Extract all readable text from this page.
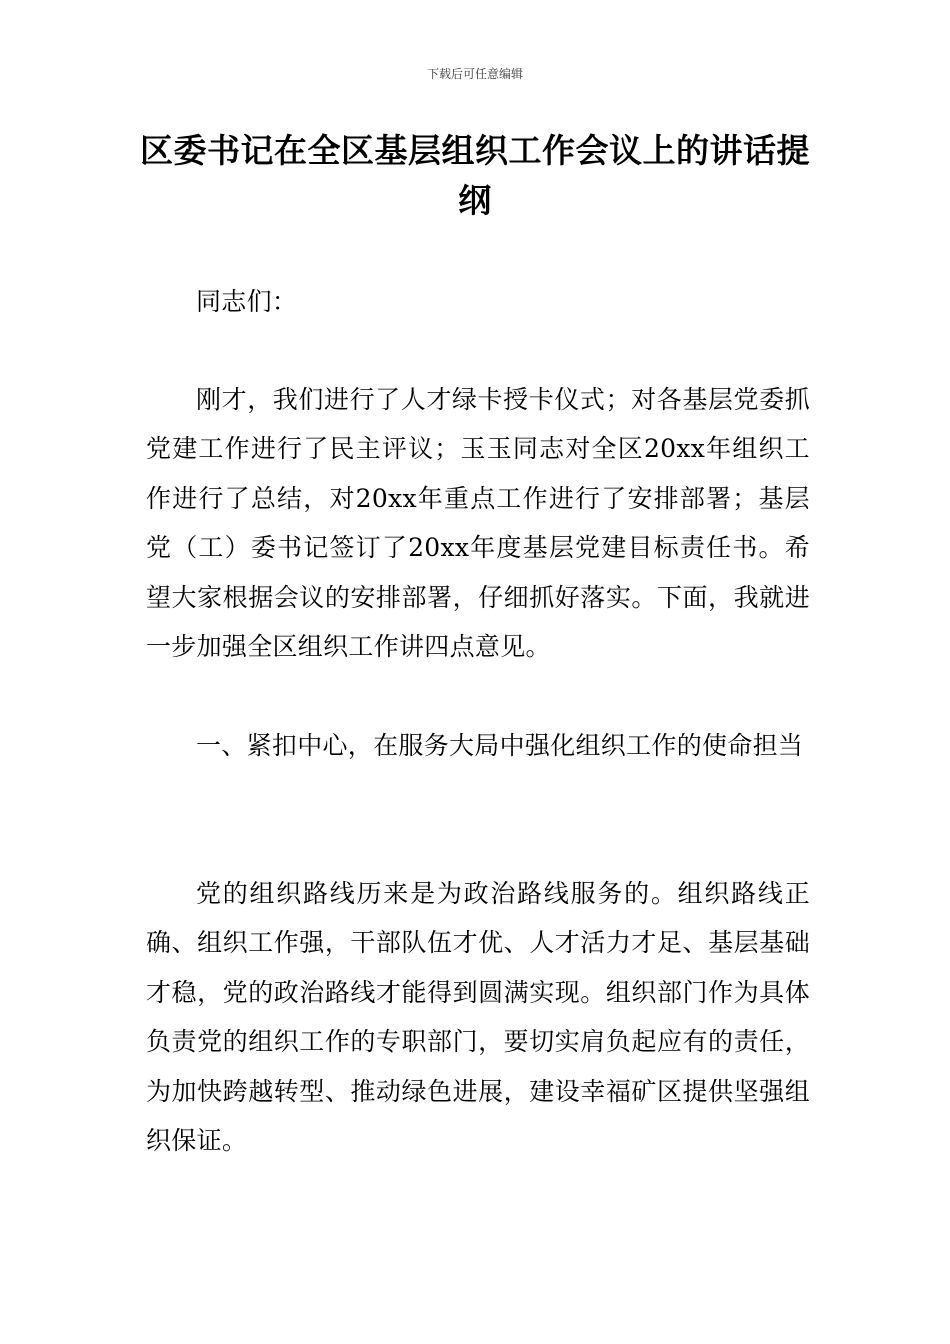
下载后可任意编辑
区委书记在全区基层组织工作会议上的讲话提纲

同志们：

刚才，我们进行了人才绿卡授卡仪式；对各基层党委抓党建工作进行了民主评议；玉玉同志对全区20xx年组织工作进行了总结，对20xx年重点工作进行了安排部署；基层党（工）委书记签订了20xx年度基层党建目标责任书。希望大家根据会议的安排部署，仔细抓好落实。下面，我就进一步加强全区组织工作讲四点意见。

一、紧扣中心，在服务大局中强化组织工作的使命担当

党的组织路线历来是为政治路线服务的。组织路线正确、组织工作强，干部队伍才优、人才活力才足、基层基础才稳，党的政治路线才能得到圆满实现。组织部门作为具体负责党的组织工作的专职部门，要切实肩负起应有的责任，为加快跨越转型、推动绿色进展，建设幸福矿区提供坚强组织保证。
